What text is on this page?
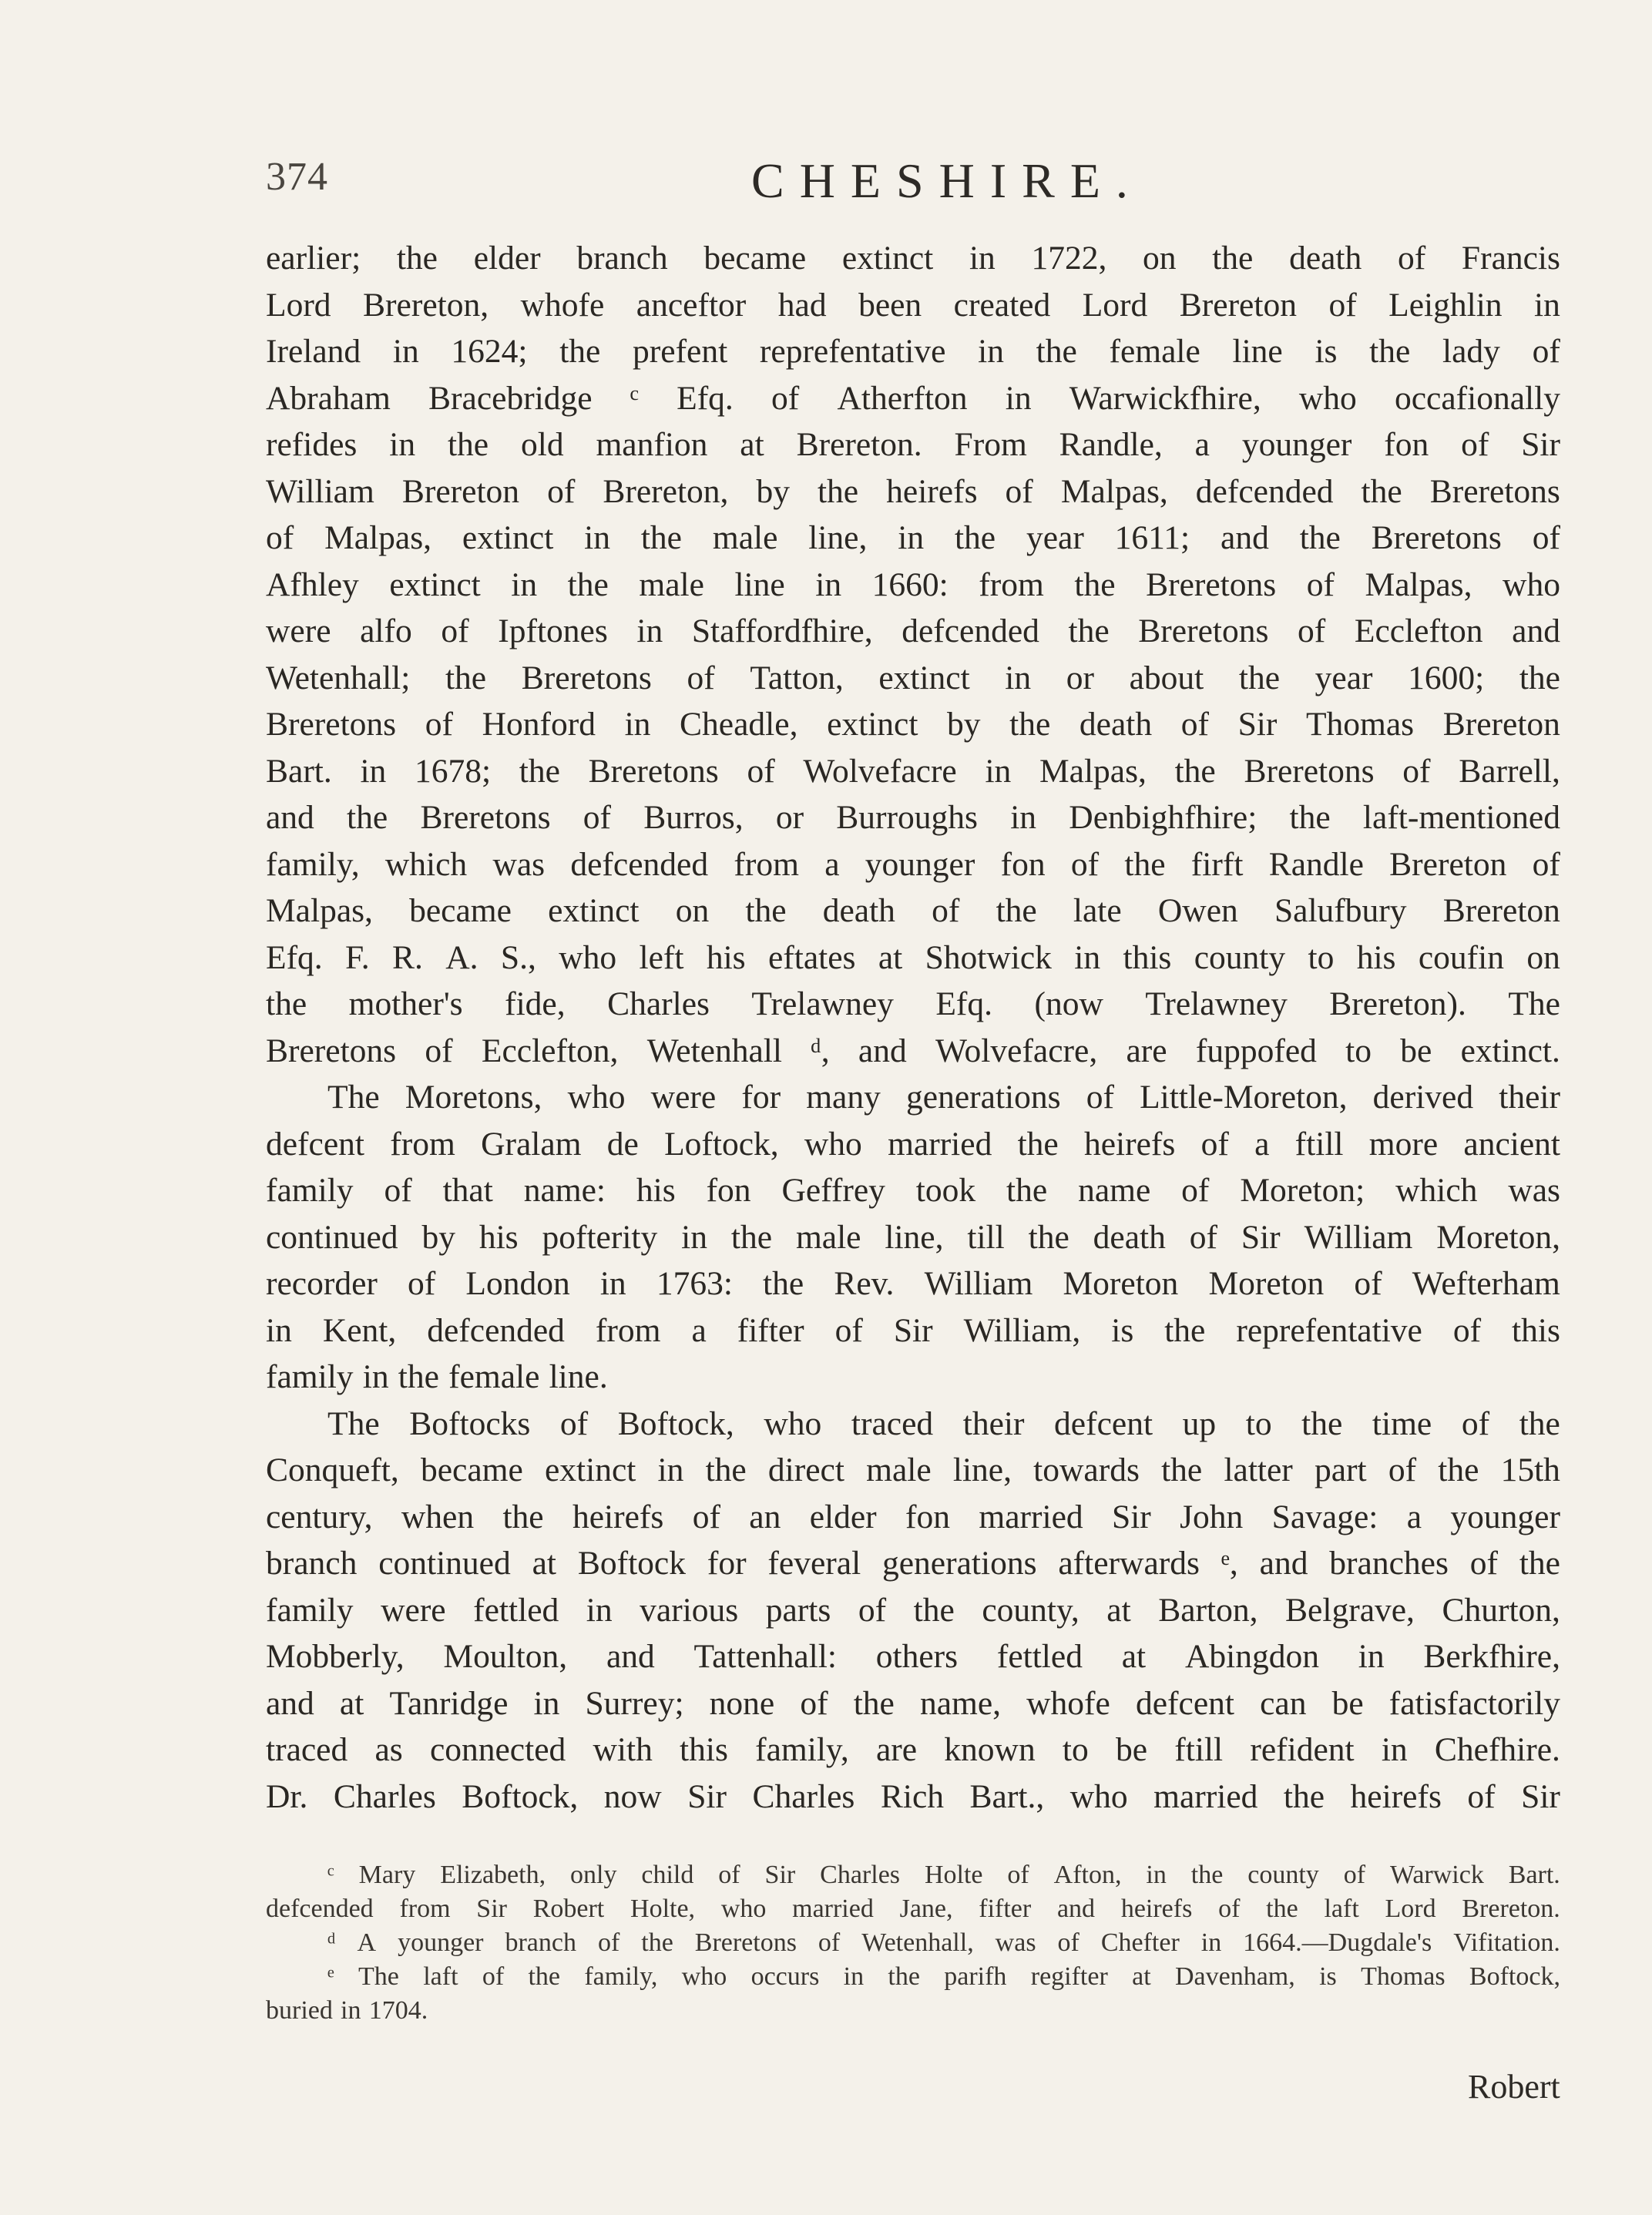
374	CHESHIRE.
earlier; the elder branch became extinct in 1722, on the death of Francis
Lord Brereton, whofe anceftor had been created Lord Brereton of Leighlin in
Ireland in 1624; the prefent reprefentative in the female line is the lady of
Abraham Bracebridge ᶜ Efq. of Atherfton in Warwickfhire, who occafionally
refides in the old manfion at Brereton. From Randle, a younger fon of Sir
William Brereton of Brereton, by the heirefs of Malpas, defcended the Breretons
of Malpas, extinct in the male line, in the year 1611; and the Breretons of
Afhley extinct in the male line in 1660: from the Breretons of Malpas, who
were alfo of Ipftones in Staffordfhire, defcended the Breretons of Ecclefton and
Wetenhall; the Breretons of Tatton, extinct in or about the year 1600; the
Breretons of Honford in Cheadle, extinct by the death of Sir Thomas Brereton
Bart. in 1678; the Breretons of Wolvefacre in Malpas, the Breretons of Barrell,
and the Breretons of Burros, or Burroughs in Denbighfhire; the laft-mentioned
family, which was defcended from a younger fon of the firft Randle Brereton of
Malpas, became extinct on the death of the late Owen Salufbury Brereton
Efq. F. R. A. S., who left his eftates at Shotwick in this county to his coufin on
the mother's fide, Charles Trelawney Efq. (now Trelawney Brereton). The
Breretons of Ecclefton, Wetenhall ᵈ, and Wolvefacre, are fuppofed to be extinct.
The Moretons, who were for many generations of Little-Moreton, derived their
defcent from Gralam de Loftock, who married the heirefs of a ftill more ancient
family of that name: his fon Geffrey took the name of Moreton; which was
continued by his pofterity in the male line, till the death of Sir William Moreton,
recorder of London in 1763: the Rev. William Moreton Moreton of Wefterham
in Kent, defcended from a fifter of Sir William, is the reprefentative of this
family in the female line.
The Boftocks of Boftock, who traced their defcent up to the time of the
Conqueft, became extinct in the direct male line, towards the latter part of the 15th
century, when the heirefs of an elder fon married Sir John Savage: a younger
branch continued at Boftock for feveral generations afterwards ᵉ, and branches of the
family were fettled in various parts of the county, at Barton, Belgrave, Churton,
Mobberly, Moulton, and Tattenhall: others fettled at Abingdon in Berkfhire,
and at Tanridge in Surrey; none of the name, whofe defcent can be fatisfactorily
traced as connected with this family, are known to be ftill refident in Chefhire.
Dr. Charles Boftock, now Sir Charles Rich Bart., who married the heirefs of Sir
ᶜ Mary Elizabeth, only child of Sir Charles Holte of Afton, in the county of Warwick Bart.
defcended from Sir Robert Holte, who married Jane, fifter and heirefs of the laft Lord Brereton.
ᵈ A younger branch of the Breretons of Wetenhall, was of Chefter in 1664.—Dugdale's Vifitation.
ᵉ The laft of the family, who occurs in the parifh regifter at Davenham, is Thomas Boftock,
buried in 1704.
Robert
